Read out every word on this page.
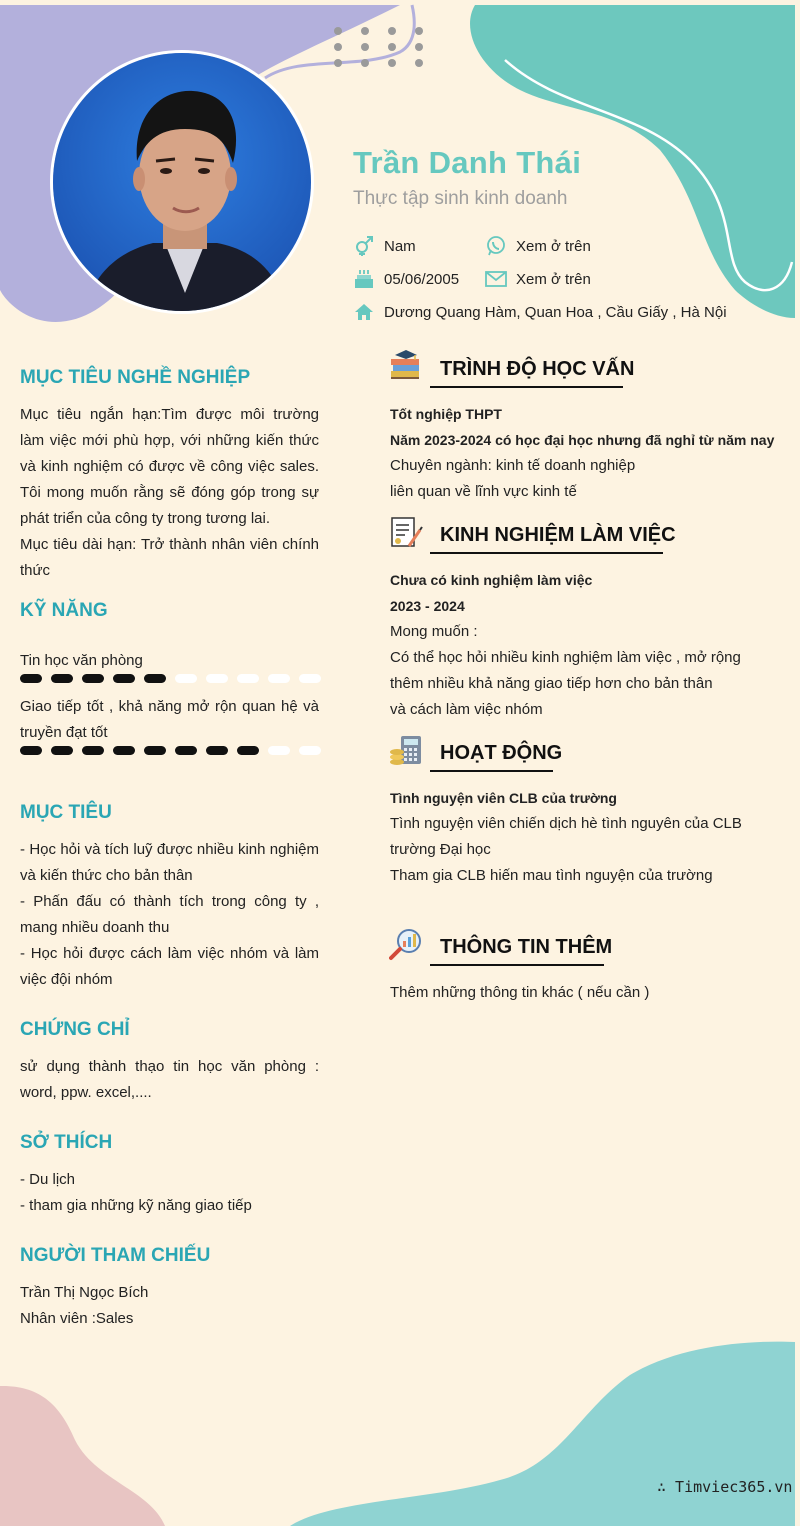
Trần Danh Thái
Thực tập sinh kinh doanh
Nam	Xem ở trên
05/06/2005	Xem ở trên
Dương Quang Hàm, Quan Hoa , Cầu Giấy , Hà Nội
MỤC TIÊU NGHỀ NGHIỆP

Mục tiêu ngắn hạn:Tìm được môi trường làm việc mới phù hợp, với những kiến thức và kinh nghiệm có được về công việc sales. Tôi mong muốn rằng sẽ đóng góp trong sự phát triển của công ty trong tương lai.

Mục tiêu dài hạn: Trở thành nhân viên chính thức

KỸ NĂNG
Tin học văn phòng
Giao tiếp tốt , khả năng mở rộn quan hệ và truyền đạt tốt
MỤC TIÊU

- Học hỏi và tích luỹ được nhiều kinh nghiệm và kiến thức cho bản thân

- Phấn đấu có thành tích trong công ty , mang nhiều doanh thu

- Học hỏi được cách làm việc nhóm và làm việc đội nhóm

CHỨNG CHỈ
sử dụng thành thạo tin học văn phòng : word, ppw. excel,....
SỞ THÍCH

- Du lịch

- tham gia những kỹ năng giao tiếp

NGƯỜI THAM CHIẾU

Trần Thị Ngọc Bích

Nhân viên :Sales

TRÌNH ĐỘ HỌC VẤN

Tốt nghiệp THPT

Năm 2023-2024 có học đại học nhưng đã nghỉ từ năm nay

Chuyên ngành: kinh tế doanh nghiệp

liên quan về lĩnh vực kinh tế

KINH NGHIỆM LÀM VIỆC

Chưa có kinh nghiệm làm việc

2023 - 2024

Mong muốn :

Có thể học hỏi nhiều kinh nghiệm làm việc , mở rộng

thêm nhiều khả năng giao tiếp hơn cho bản thân

và cách làm việc nhóm

HOẠT ĐỘNG

Tình nguyện viên CLB của trường

Tình nguyện viên chiến dịch hè tình nguyên của CLB

trường Đại học

Tham gia CLB hiến mau tình nguyện của trường

THÔNG TIN THÊM
Thêm những thông tin khác ( nếu cần )
∴ Timviec365.vn
